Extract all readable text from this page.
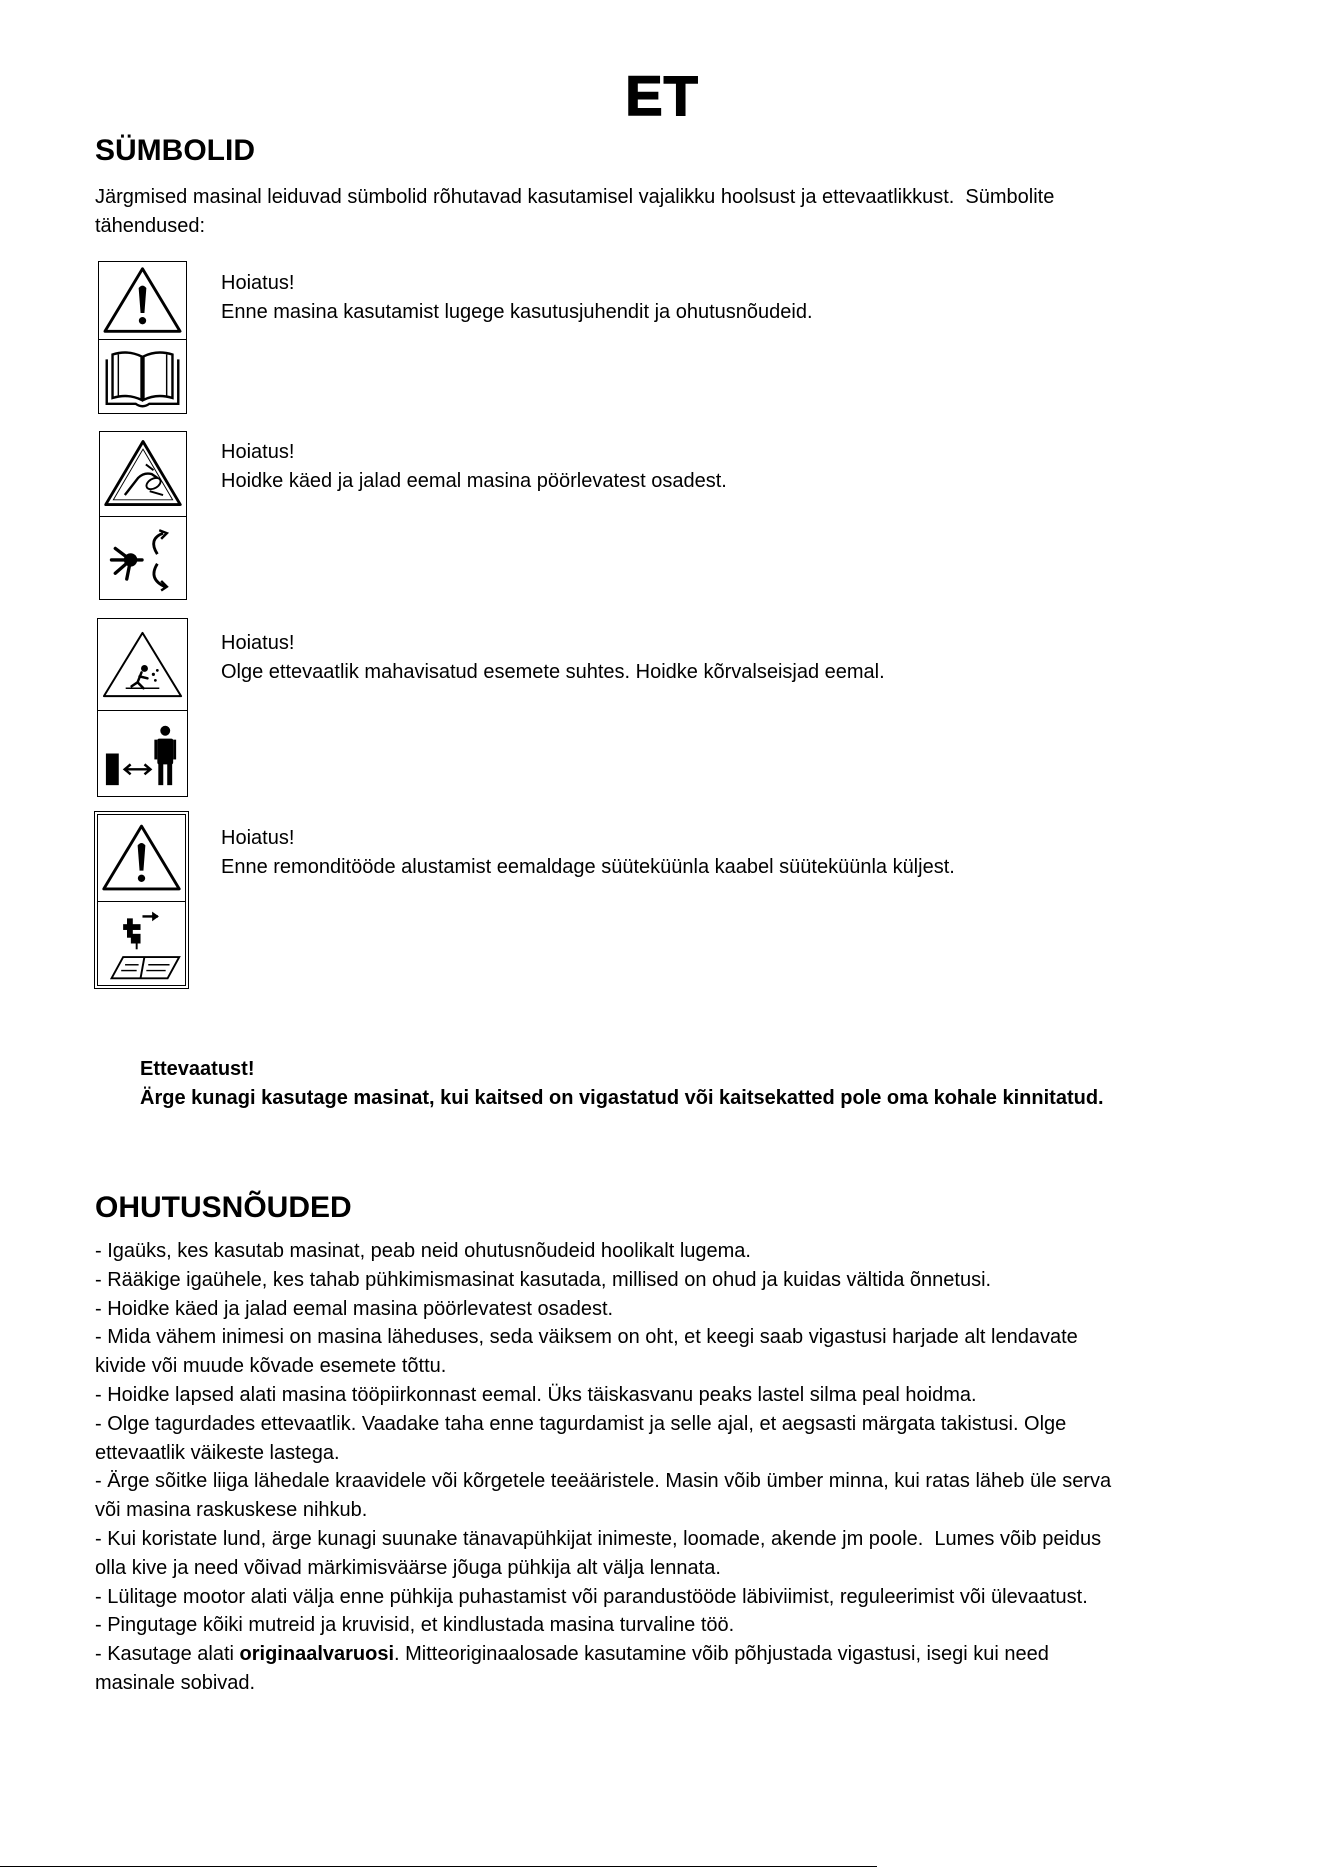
ET
SÜMBOLID
Järgmised masinal leiduvad sümbolid rõhutavad kasutamisel vajalikku hoolsust ja ettevaatlikkust.  Sümbolite
tähendused:
Hoiatus!
Enne masina kasutamist lugege kasutusjuhendit ja ohutusnõudeid.
Hoiatus!
Hoidke käed ja jalad eemal masina pöörlevatest osadest.
Hoiatus!
Olge ettevaatlik mahavisatud esemete suhtes. Hoidke kõrvalseisjad eemal.
Hoiatus!
Enne remonditööde alustamist eemaldage süüteküünla kaabel süüteküünla küljest.
Ettevaatust!
Ärge kunagi kasutage masinat, kui kaitsed on vigastatud või kaitsekatted pole oma kohale kinnitatud.
OHUTUSNÕUDED
- Igaüks, kes kasutab masinat, peab neid ohutusnõudeid hoolikalt lugema.
- Rääkige igaühele, kes tahab pühkimismasinat kasutada, millised on ohud ja kuidas vältida õnnetusi.
- Hoidke käed ja jalad eemal masina pöörlevatest osadest.
- Mida vähem inimesi on masina läheduses, seda väiksem on oht, et keegi saab vigastusi harjade alt lendavate
kivide või muude kõvade esemete tõttu.
- Hoidke lapsed alati masina tööpiirkonnast eemal. Üks täiskasvanu peaks lastel silma peal hoidma.
- Olge tagurdades ettevaatlik. Vaadake taha enne tagurdamist ja selle ajal, et aegsasti märgata takistusi. Olge
ettevaatlik väikeste lastega.
- Ärge sõitke liiga lähedale kraavidele või kõrgetele teeääristele. Masin võib ümber minna, kui ratas läheb üle serva
või masina raskuskese nihkub.
- Kui koristate lund, ärge kunagi suunake tänavapühkijat inimeste, loomade, akende jm poole.  Lumes võib peidus
olla kive ja need võivad märkimisväärse jõuga pühkija alt välja lennata.
- Lülitage mootor alati välja enne pühkija puhastamist või parandustööde läbiviimist, reguleerimist või ülevaatust.
- Pingutage kõiki mutreid ja kruvisid, et kindlustada masina turvaline töö.
- Kasutage alati originaalvaruosi. Mitteoriginaalosade kasutamine võib põhjustada vigastusi, isegi kui need
masinale sobivad.
